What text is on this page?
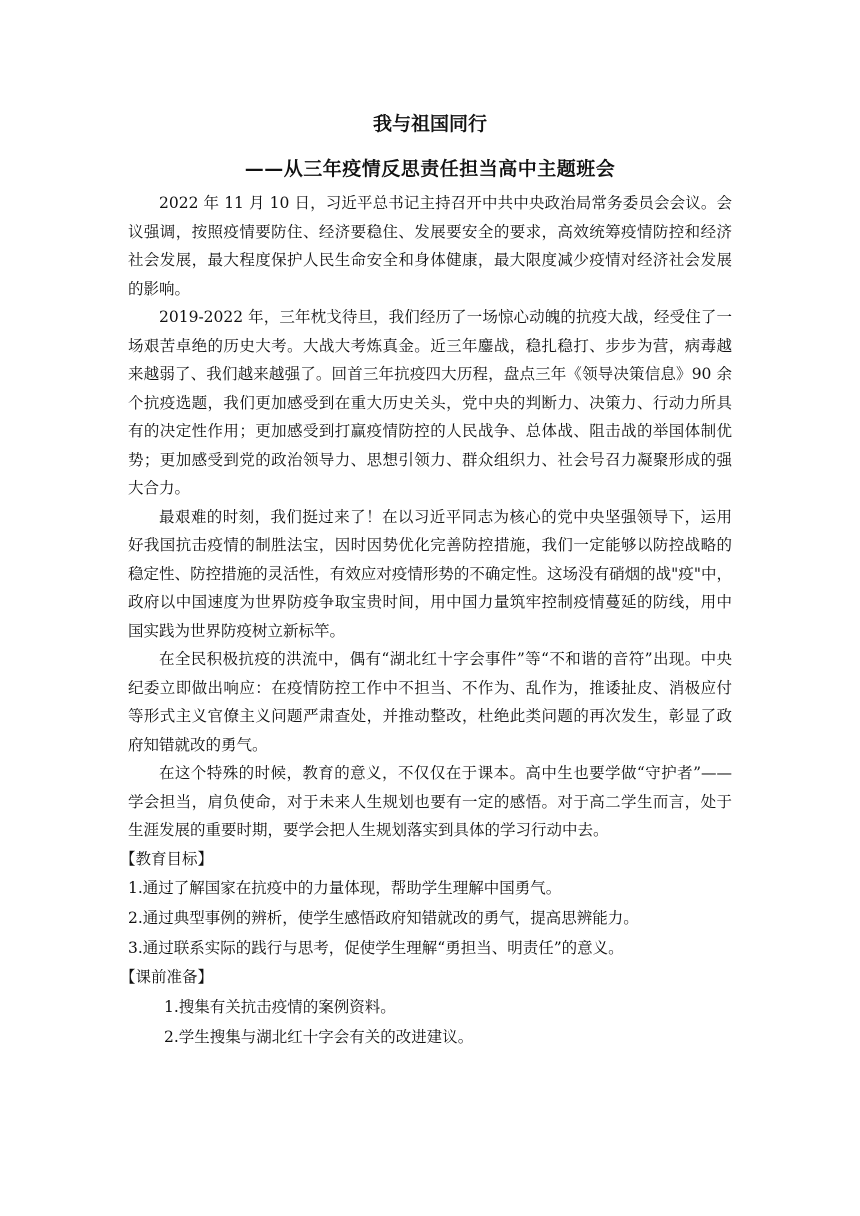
我与祖国同行
——从三年疫情反思责任担当高中主题班会

2022 年 11 月 10 日，习近平总书记主持召开中共中央政治局常务委员会会议。会议强调，按照疫情要防住、经济要稳住、发展要安全的要求，高效统筹疫情防控和经济社会发展，最大程度保护人民生命安全和身体健康，最大限度减少疫情对经济社会发展的影响。

2019-2022 年，三年枕戈待旦，我们经历了一场惊心动魄的抗疫大战，经受住了一场艰苦卓绝的历史大考。大战大考炼真金。近三年鏖战，稳扎稳打、步步为营，病毒越来越弱了、我们越来越强了。回首三年抗疫四大历程，盘点三年《领导决策信息》90 余个抗疫选题，我们更加感受到在重大历史关头，党中央的判断力、决策力、行动力所具有的决定性作用；更加感受到打赢疫情防控的人民战争、总体战、阻击战的举国体制优势；更加感受到党的政治领导力、思想引领力、群众组织力、社会号召力凝聚形成的强大合力。

最艰难的时刻，我们挺过来了！在以习近平同志为核心的党中央坚强领导下，运用好我国抗击疫情的制胜法宝，因时因势优化完善防控措施，我们一定能够以防控战略的稳定性、防控措施的灵活性，有效应对疫情形势的不确定性。这场没有硝烟的战"疫"中，政府以中国速度为世界防疫争取宝贵时间，用中国力量筑牢控制疫情蔓延的防线，用中国实践为世界防疫树立新标竿。

在全民积极抗疫的洪流中，偶有“湖北红十字会事件”等“不和谐的音符”出现。中央纪委立即做出响应：在疫情防控工作中不担当、不作为、乱作为，推诿扯皮、消极应付等形式主义官僚主义问题严肃查处，并推动整改，杜绝此类问题的再次发生，彰显了政府知错就改的勇气。

在这个特殊的时候，教育的意义，不仅仅在于课本。高中生也要学做“守护者”——学会担当，肩负使命，对于未来人生规划也要有一定的感悟。对于高二学生而言，处于生涯发展的重要时期，要学会把人生规划落实到具体的学习行动中去。

【教育目标】
1.通过了解国家在抗疫中的力量体现，帮助学生理解中国勇气。
2.通过典型事例的辨析，使学生感悟政府知错就改的勇气，提高思辨能力。
3.通过联系实际的践行与思考，促使学生理解“勇担当、明责任”的意义。
【课前准备】
1.搜集有关抗击疫情的案例资料。
2.学生搜集与湖北红十字会有关的改进建议。
